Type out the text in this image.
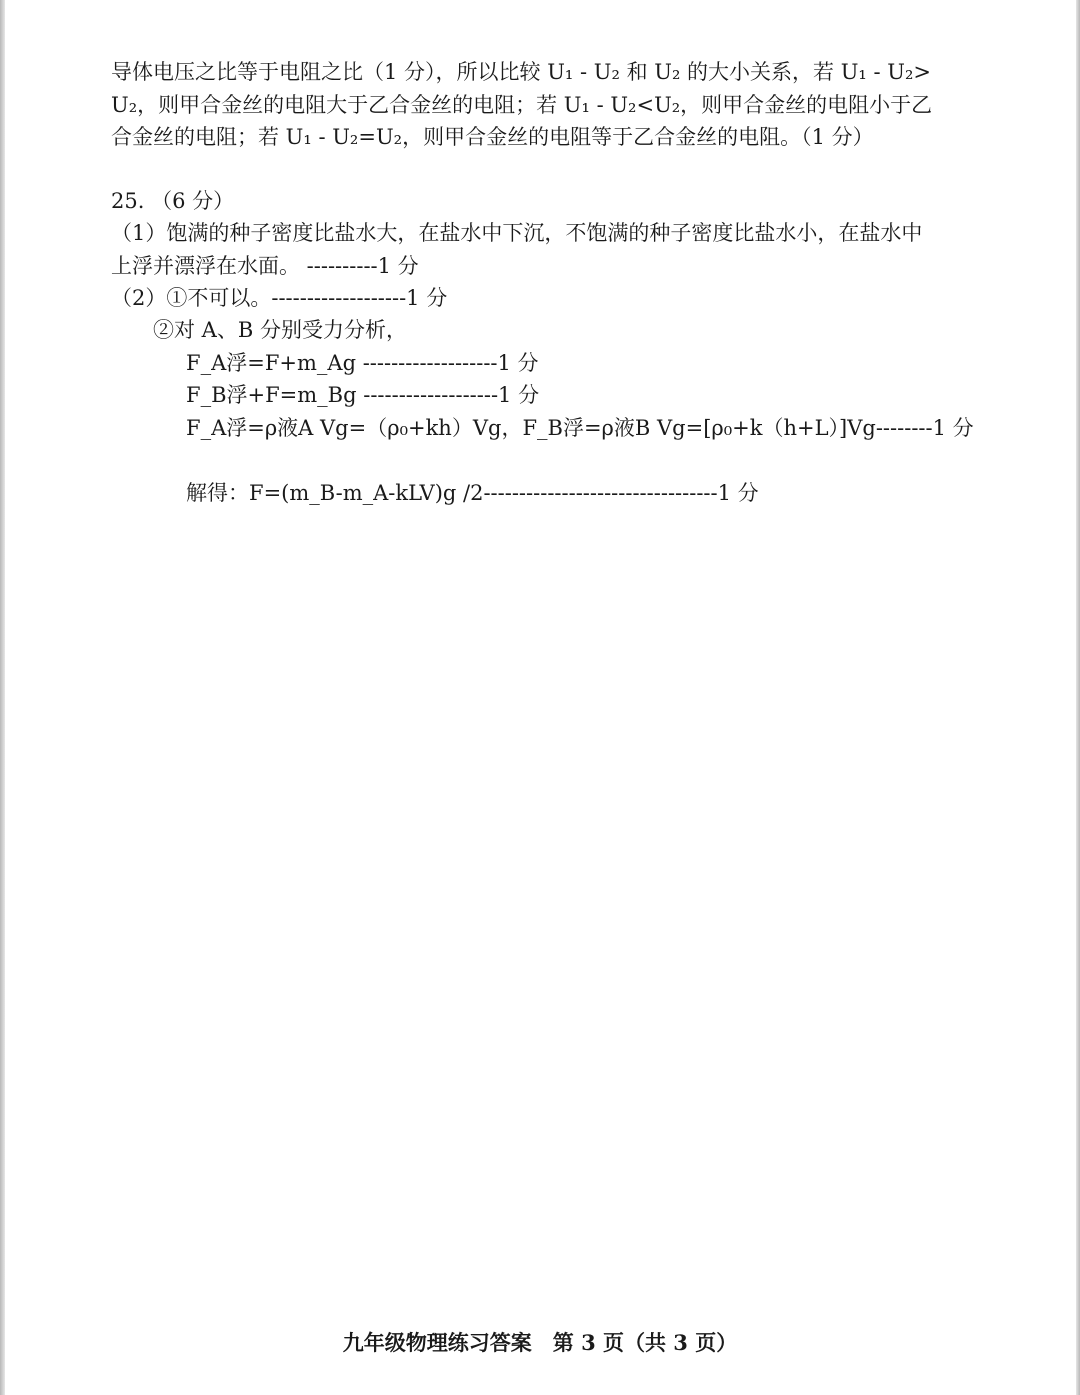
导体电压之比等于电阻之比（1 分），所以比较 U₁ - U₂ 和 U₂ 的大小关系，若 U₁ - U₂>
U₂，则甲合金丝的电阻大于乙合金丝的电阻；若 U₁ - U₂<U₂，则甲合金丝的电阻小于乙
合金丝的电阻；若 U₁ - U₂=U₂，则甲合金丝的电阻等于乙合金丝的电阻。（1 分）
25. （6 分）
（1）饱满的种子密度比盐水大，在盐水中下沉，不饱满的种子密度比盐水小，在盐水中
上浮并漂浮在水面。 ----------1 分
（2）①不可以。-------------------1 分
②对 A、B 分别受力分析，
F_A浮=F+m_Ag -------------------1 分
F_B浮+F=m_Bg -------------------1 分
F_A浮=ρ液A Vg=（ρ₀+kh）Vg，F_B浮=ρ液B Vg=[ρ₀+k（h+L）]Vg--------1 分
解得：F=(m_B-m_A-kLV)g /2---------------------------------1 分
九年级物理练习答案　第 3 页（共 3 页）
